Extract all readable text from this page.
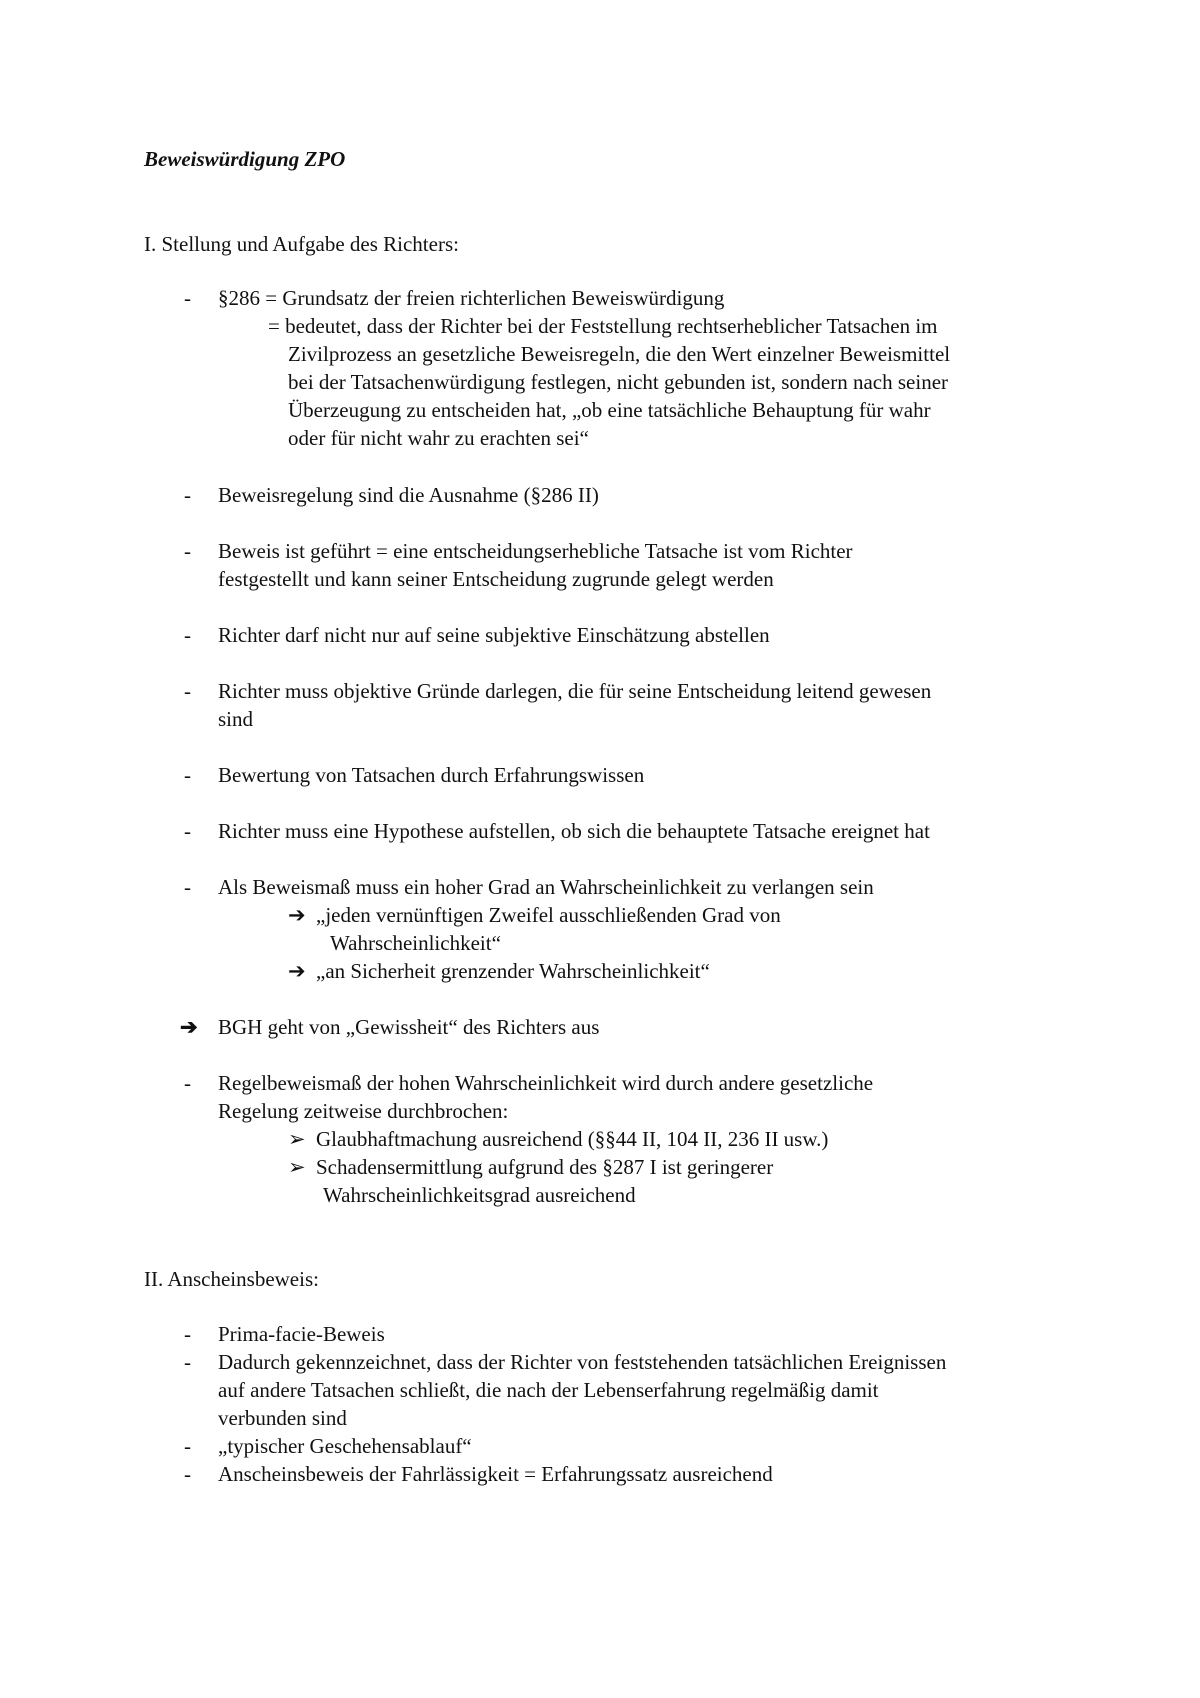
Beweiswürdigung ZPO
I. Stellung und Aufgabe des Richters:
- §286 = Grundsatz der freien richterlichen Beweiswürdigung
= bedeutet, dass der Richter bei der Feststellung rechtserheblicher Tatsachen im
Zivilprozess an gesetzliche Beweisregeln, die den Wert einzelner Beweismittel
bei der Tatsachenwürdigung festlegen, nicht gebunden ist, sondern nach seiner
Überzeugung zu entscheiden hat, „ob eine tatsächliche Behauptung für wahr
oder für nicht wahr zu erachten sei“
- Beweisregelung sind die Ausnahme (§286 II)
- Beweis ist geführt = eine entscheidungserhebliche Tatsache ist vom Richter
festgestellt und kann seiner Entscheidung zugrunde gelegt werden
- Richter darf nicht nur auf seine subjektive Einschätzung abstellen
- Richter muss objektive Gründe darlegen, die für seine Entscheidung leitend gewesen
sind
- Bewertung von Tatsachen durch Erfahrungswissen
- Richter muss eine Hypothese aufstellen, ob sich die behauptete Tatsache ereignet hat
- Als Beweismaß muss ein hoher Grad an Wahrscheinlichkeit zu verlangen sein
➔ „jeden vernünftigen Zweifel ausschließenden Grad von
Wahrscheinlichkeit“
➔ „an Sicherheit grenzender Wahrscheinlichkeit“
➔ BGH geht von „Gewissheit“ des Richters aus
- Regelbeweismaß der hohen Wahrscheinlichkeit wird durch andere gesetzliche
Regelung zeitweise durchbrochen:
➢ Glaubhaftmachung ausreichend (§§44 II, 104 II, 236 II usw.)
➢ Schadensermittlung aufgrund des §287 I ist geringerer
Wahrscheinlichkeitsgrad ausreichend
II. Anscheinsbeweis:
- Prima-facie-Beweis
- Dadurch gekennzeichnet, dass der Richter von feststehenden tatsächlichen Ereignissen
auf andere Tatsachen schließt, die nach der Lebenserfahrung regelmäßig damit
verbunden sind
- „typischer Geschehensablauf“
- Anscheinsbeweis der Fahrlässigkeit = Erfahrungssatz ausreichend
